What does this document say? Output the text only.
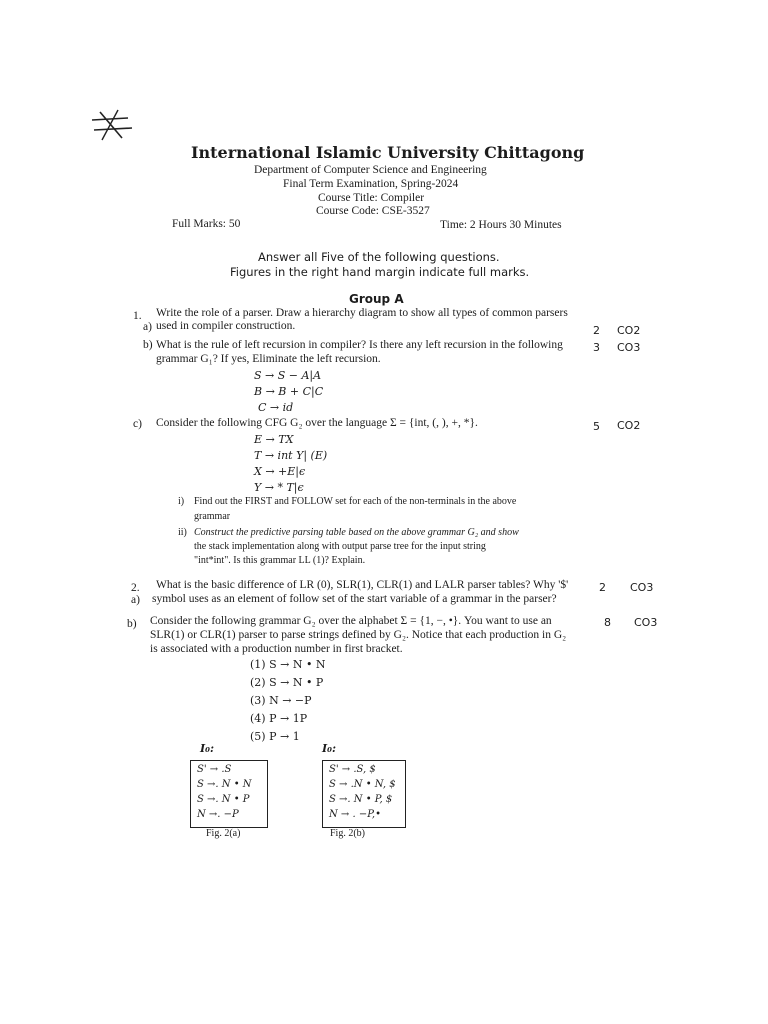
International Islamic University Chittagong
Department of Computer Science and Engineering
Final Term Examination, Spring-2024
Course Title: Compiler
Course Code: CSE-3527
Full Marks: 50	Time: 2 Hours 30 Minutes
Answer all Five of the following questions.
Figures in the right hand margin indicate full marks.
Group A
1. Write the role of a parser. Draw a hierarchy diagram to show all types of common parsers
a) used in compiler construction.	2 CO2
b) What is the rule of left recursion in compiler? Is there any left recursion in the following
grammar G₁? If yes, Eliminate the left recursion.
3 CO3
S → S − A|A
B → B + C|C
C → id
c) Consider the following CFG G₂ over the language Σ = {int, (, ), +, *}.	5 CO2
E → TX
T → int Y| (E)
X → +E|ϵ
Y → * T|ϵ
i) Find out the FIRST and FOLLOW set for each of the non-terminals in the above
grammar
ii) Construct the predictive parsing table based on the above grammar G₂ and show
the stack implementation along with output parse tree for the input string
"int*int". Is this grammar LL (1)? Explain.
2. What is the basic difference of LR (0), SLR(1), CLR(1) and LALR parser tables? Why '$'
a) symbol uses as an element of follow set of the start variable of a grammar in the parser?
2 CO3
b) Consider the following grammar G₂ over the alphabet Σ = {1, −, •}. You want to use an
SLR(1) or CLR(1) parser to parse strings defined by G₂. Notice that each production in G₂
is associated with a production number in first bracket.
8 CO3
(1) S → N • N
(2) S → N • P
(3) N → −P
(4) P → 1P
(5) P → 1
I₀:
S' → .S
S →. N • N
S →. N • P
N →. −P
Fig. 2(a)
I₀:
S' → .S, $
S → .N • N, $
S →. N • P, $
N → . −P,•
Fig. 2(b)
